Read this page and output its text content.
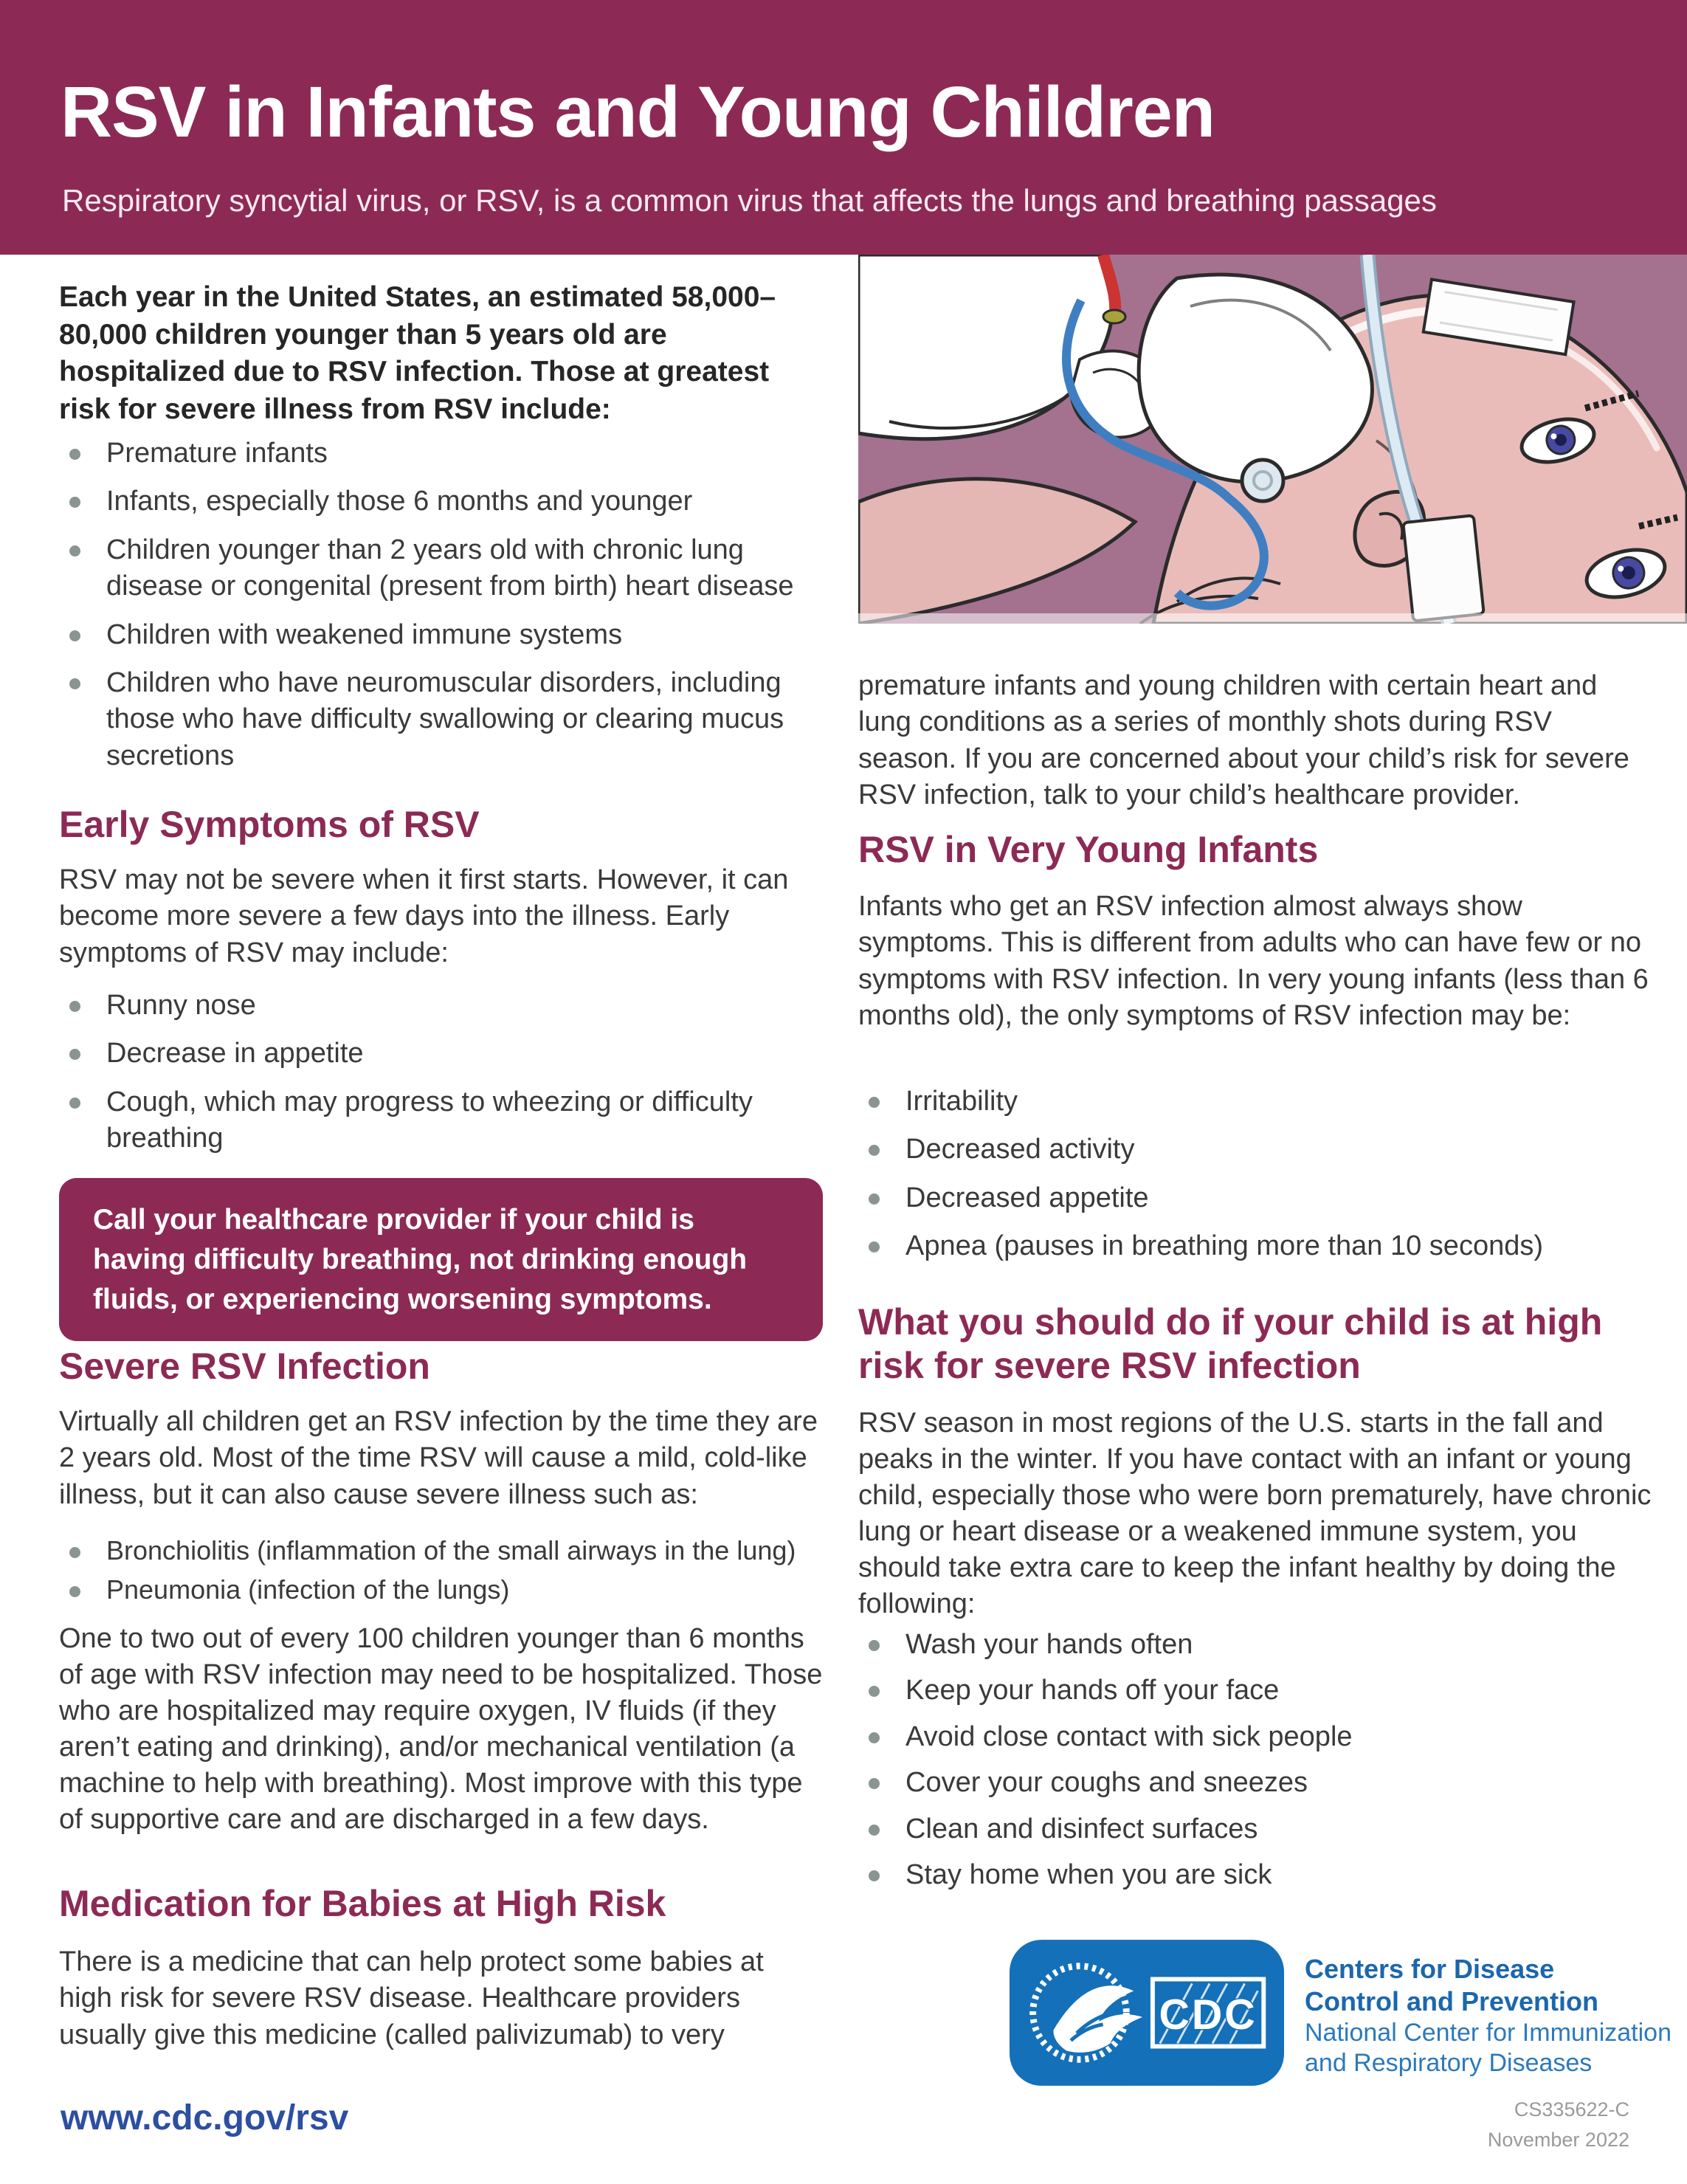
RSV in Infants and Young Children
Respiratory syncytial virus, or RSV, is a common virus that affects the lungs and breathing passages

Each year in the United States, an estimated 58,000–80,000 children younger than 5 years old are hospitalized due to RSV infection. Those at greatest risk for severe illness from RSV include:

Premature infants
Infants, especially those 6 months and younger
Children younger than 2 years old with chronic lung disease or congenital (present from birth) heart disease
Children with weakened immune systems
Children who have neuromuscular disorders, including those who have difficulty swallowing or clearing mucus secretions
Early Symptoms of RSV

RSV may not be severe when it first starts. However, it can become more severe a few days into the illness. Early symptoms of RSV may include:

Runny nose
Decrease in appetite
Cough, which may progress to wheezing or difficulty breathing
Call your healthcare provider if your child is having difficulty breathing, not drinking enough fluids, or experiencing worsening symptoms.
Severe RSV Infection

Virtually all children get an RSV infection by the time they are 2 years old. Most of the time RSV will cause a mild, cold-like illness, but it can also cause severe illness such as:

Bronchiolitis (inflammation of the small airways in the lung)
Pneumonia (infection of the lungs)

One to two out of every 100 children younger than 6 months of age with RSV infection may need to be hospitalized. Those who are hospitalized may require oxygen, IV fluids (if they aren’t eating and drinking), and/or mechanical ventilation (a machine to help with breathing). Most improve with this type of supportive care and are discharged in a few days.

Medication for Babies at High Risk

There is a medicine that can help protect some babies at high risk for severe RSV disease. Healthcare providers usually give this medicine (called palivizumab) to very

premature infants and young children with certain heart and lung conditions as a series of monthly shots during RSV season. If you are concerned about your child’s risk for severe RSV infection, talk to your child’s healthcare provider.

RSV in Very Young Infants

Infants who get an RSV infection almost always show symptoms. This is different from adults who can have few or no symptoms with RSV infection. In very young infants (less than 6 months old), the only symptoms of RSV infection may be:

Irritability
Decreased activity
Decreased appetite
Apnea (pauses in breathing more than 10 seconds)
What you should do if your child is at high risk for severe RSV infection

RSV season in most regions of the U.S. starts in the fall and peaks in the winter. If you have contact with an infant or young child, especially those who were born prematurely, have chronic lung or heart disease or a weakened immune system, you should take extra care to keep the infant healthy by doing the following:

Wash your hands often
Keep your hands off your face
Avoid close contact with sick people
Cover your coughs and sneezes
Clean and disinfect surfaces
Stay home when you are sick
www.cdc.gov/rsv
CDC
Centers for Disease
Control and Prevention
National Center for Immunization
and Respiratory Diseases
CS335622-C
November 2022
